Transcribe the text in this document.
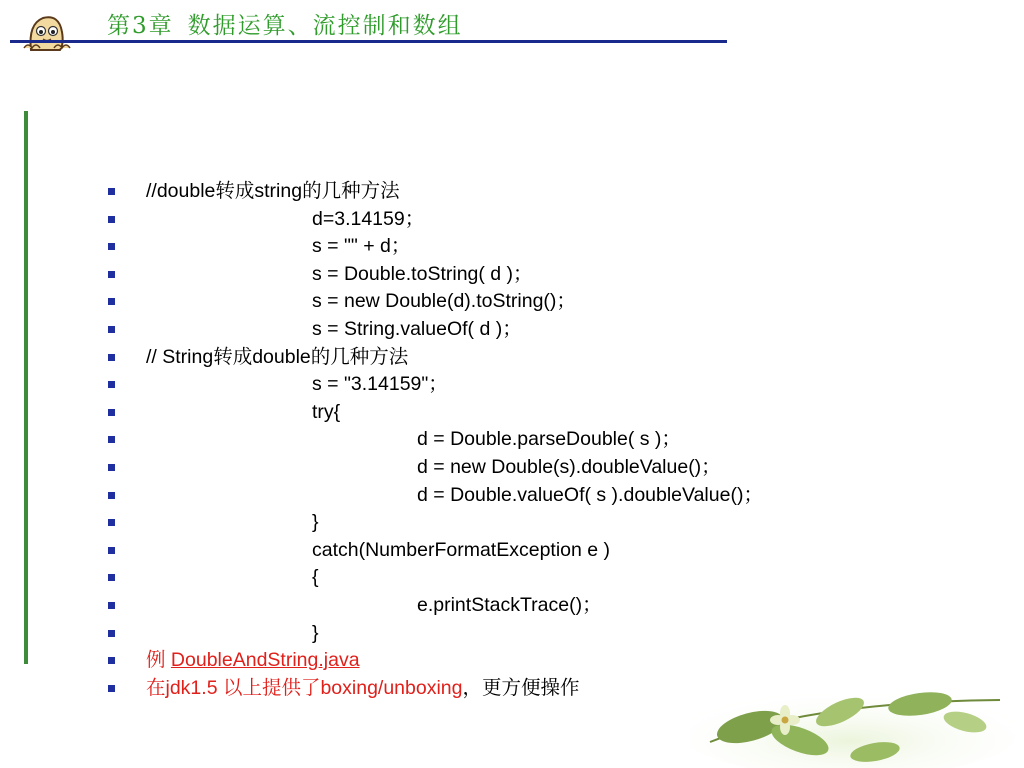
第3章 数据运算、流控制和数组
//double转成string的几种方法
d=3.14159；
s = "" + d；
s = Double.toString( d )；
s = new Double(d).toString()；
s = String.valueOf( d )；
// String转成double的几种方法
s = "3.14159"；
try{
d = Double.parseDouble( s )；
d = new Double(s).doubleValue()；
d = Double.valueOf( s ).doubleValue()；
}
catch(NumberFormatException e )
{
e.printStackTrace()；
}
例 DoubleAndString.java
在jdk1.5 以上提供了boxing/unboxing，更方便操作
